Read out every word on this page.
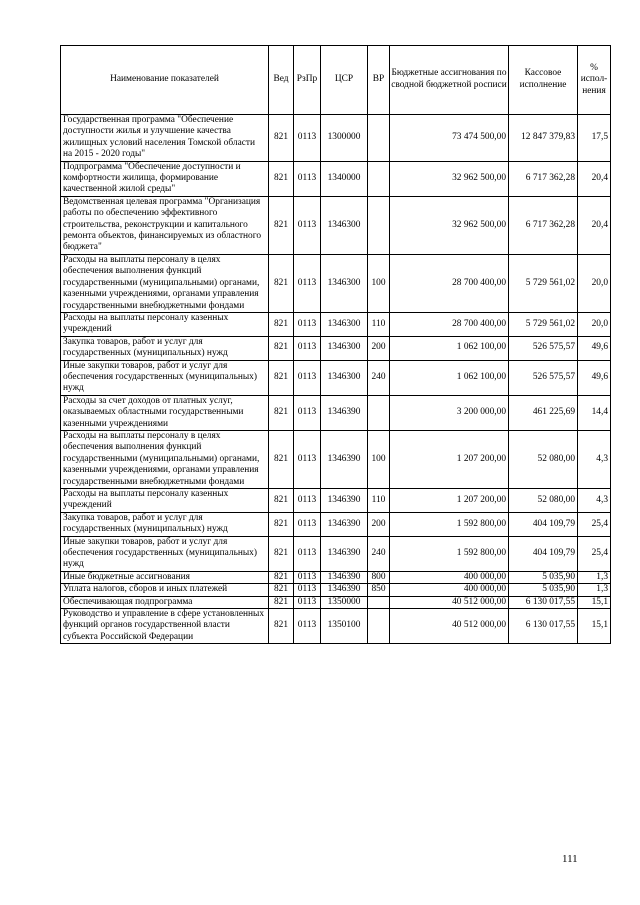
Наименование показателей	Вед	РзПр	ЦСР	ВР	Бюджетные ассигнования по сводной бюджетной росписи	Кассовое исполнение	% испол-нения
Государственная программа "Обеспечение доступности жилья и улучшение качества жилищных условий населения Томской области на 2015 - 2020 годы"	821	0113	1300000		73 474 500,00	12 847 379,83	17,5
Подпрограмма "Обеспечение доступности и комфортности жилища, формирование качественной жилой среды"	821	0113	1340000		32 962 500,00	6 717 362,28	20,4
Ведомственная целевая программа "Организация работы по обеспечению эффективного строительства, реконструкции и капитального ремонта объектов, финансируемых из областного бюджета"	821	0113	1346300		32 962 500,00	6 717 362,28	20,4
Расходы на выплаты персоналу в целях обеспечения выполнения функций государственными (муниципальными) органами, казенными учреждениями, органами управления государственными внебюджетными фондами	821	0113	1346300	100	28 700 400,00	5 729 561,02	20,0
Расходы на выплаты персоналу казенных учреждений	821	0113	1346300	110	28 700 400,00	5 729 561,02	20,0
Закупка товаров, работ и услуг для государственных (муниципальных) нужд	821	0113	1346300	200	1 062 100,00	526 575,57	49,6
Иные закупки товаров, работ и услуг для обеспечения государственных (муниципальных) нужд	821	0113	1346300	240	1 062 100,00	526 575,57	49,6
Расходы за счет доходов от платных услуг, оказываемых областными государственными казенными учреждениями	821	0113	1346390		3 200 000,00	461 225,69	14,4
Расходы на выплаты персоналу в целях обеспечения выполнения функций государственными (муниципальными) органами, казенными учреждениями, органами управления государственными внебюджетными фондами	821	0113	1346390	100	1 207 200,00	52 080,00	4,3
Расходы на выплаты персоналу казенных учреждений	821	0113	1346390	110	1 207 200,00	52 080,00	4,3
Закупка товаров, работ и услуг для государственных (муниципальных) нужд	821	0113	1346390	200	1 592 800,00	404 109,79	25,4
Иные закупки товаров, работ и услуг для обеспечения государственных (муниципальных) нужд	821	0113	1346390	240	1 592 800,00	404 109,79	25,4
Иные бюджетные ассигнования	821	0113	1346390	800	400 000,00	5 035,90	1,3
Уплата налогов, сборов и иных платежей	821	0113	1346390	850	400 000,00	5 035,90	1,3
Обеспечивающая подпрограмма	821	0113	1350000		40 512 000,00	6 130 017,55	15,1
Руководство и управление в сфере установленных функций органов государственной власти субъекта Российской Федерации	821	0113	1350100		40 512 000,00	6 130 017,55	15,1
111
